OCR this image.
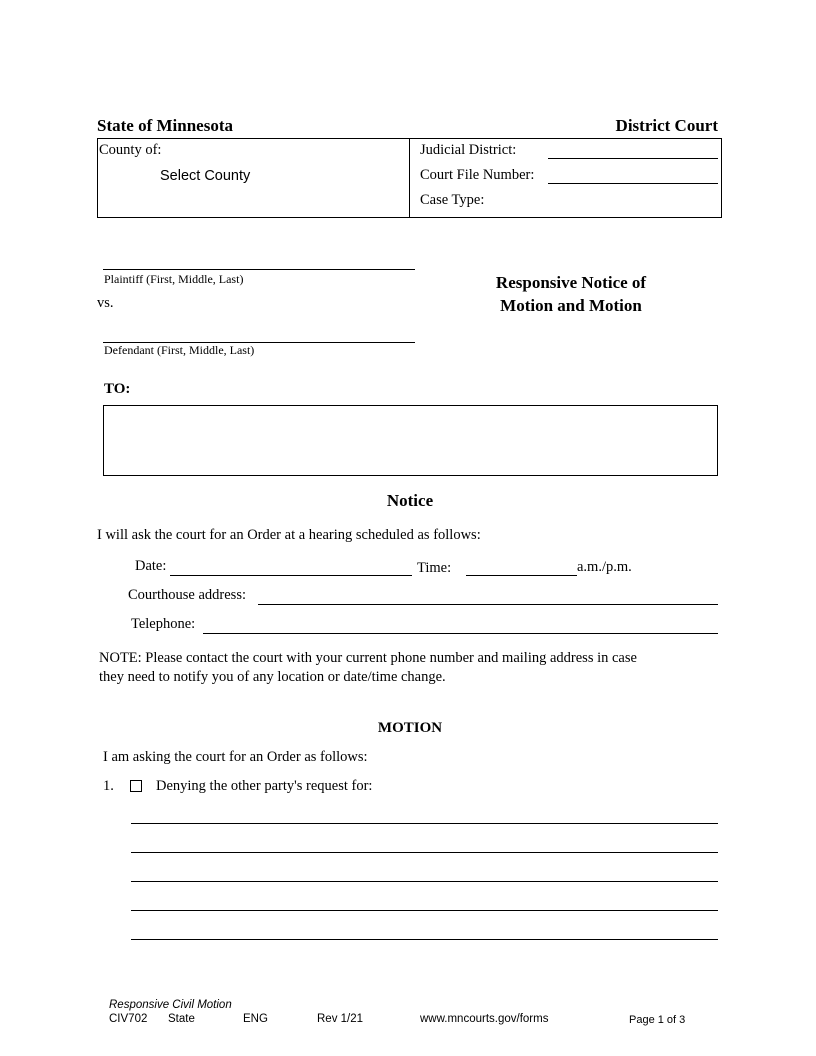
State of Minnesota	District Court
County of:
Select County
Judicial District:
Court File Number:
Case Type:
Plaintiff (First, Middle, Last)
vs.
Defendant (First, Middle, Last)
Responsive Notice of
Motion and Motion
TO:
Notice
I will ask the court for an Order at a hearing scheduled as follows:
Date:	Time:	a.m./p.m.
Courthouse address:
Telephone:
NOTE: Please contact the court with your current phone number and mailing address in case
they need to notify you of any location or date/time change.
MOTION
I am asking the court for an Order as follows:
1.	Denying the other party's request for:
Responsive Civil Motion
CIV702 State	ENG	Rev 1/21	www.mncourts.gov/forms	Page 1 of 3
